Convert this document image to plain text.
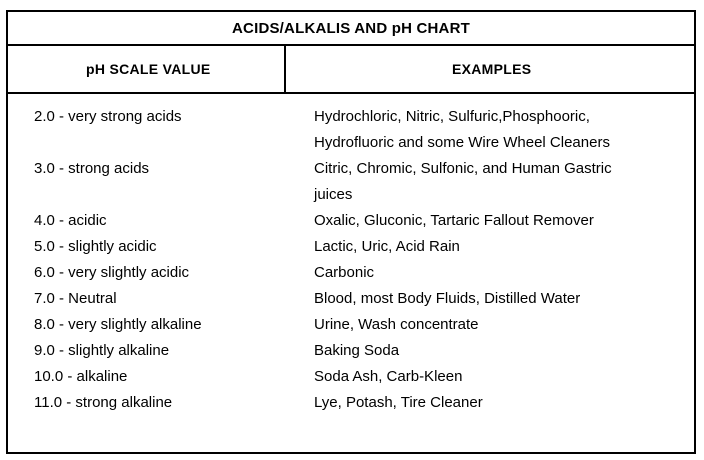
ACIDS/ALKALIS AND pH CHART
pH SCALE VALUE	EXAMPLES
2.0 - very strong acids	Hydrochloric, Nitric, Sulfuric,Phosphooric,
Hydrofluoric and some Wire Wheel Cleaners
3.0 - strong acids	Citric, Chromic, Sulfonic, and Human Gastric
juices
4.0 - acidic	Oxalic, Gluconic, Tartaric Fallout Remover
5.0 - slightly acidic	Lactic, Uric, Acid Rain
6.0 - very slightly acidic	Carbonic
7.0 - Neutral	Blood, most Body Fluids, Distilled Water
8.0 - very slightly alkaline	Urine, Wash concentrate
9.0 - slightly alkaline	Baking Soda
10.0 - alkaline	Soda Ash, Carb-Kleen
11.0 - strong alkaline	Lye, Potash, Tire Cleaner
